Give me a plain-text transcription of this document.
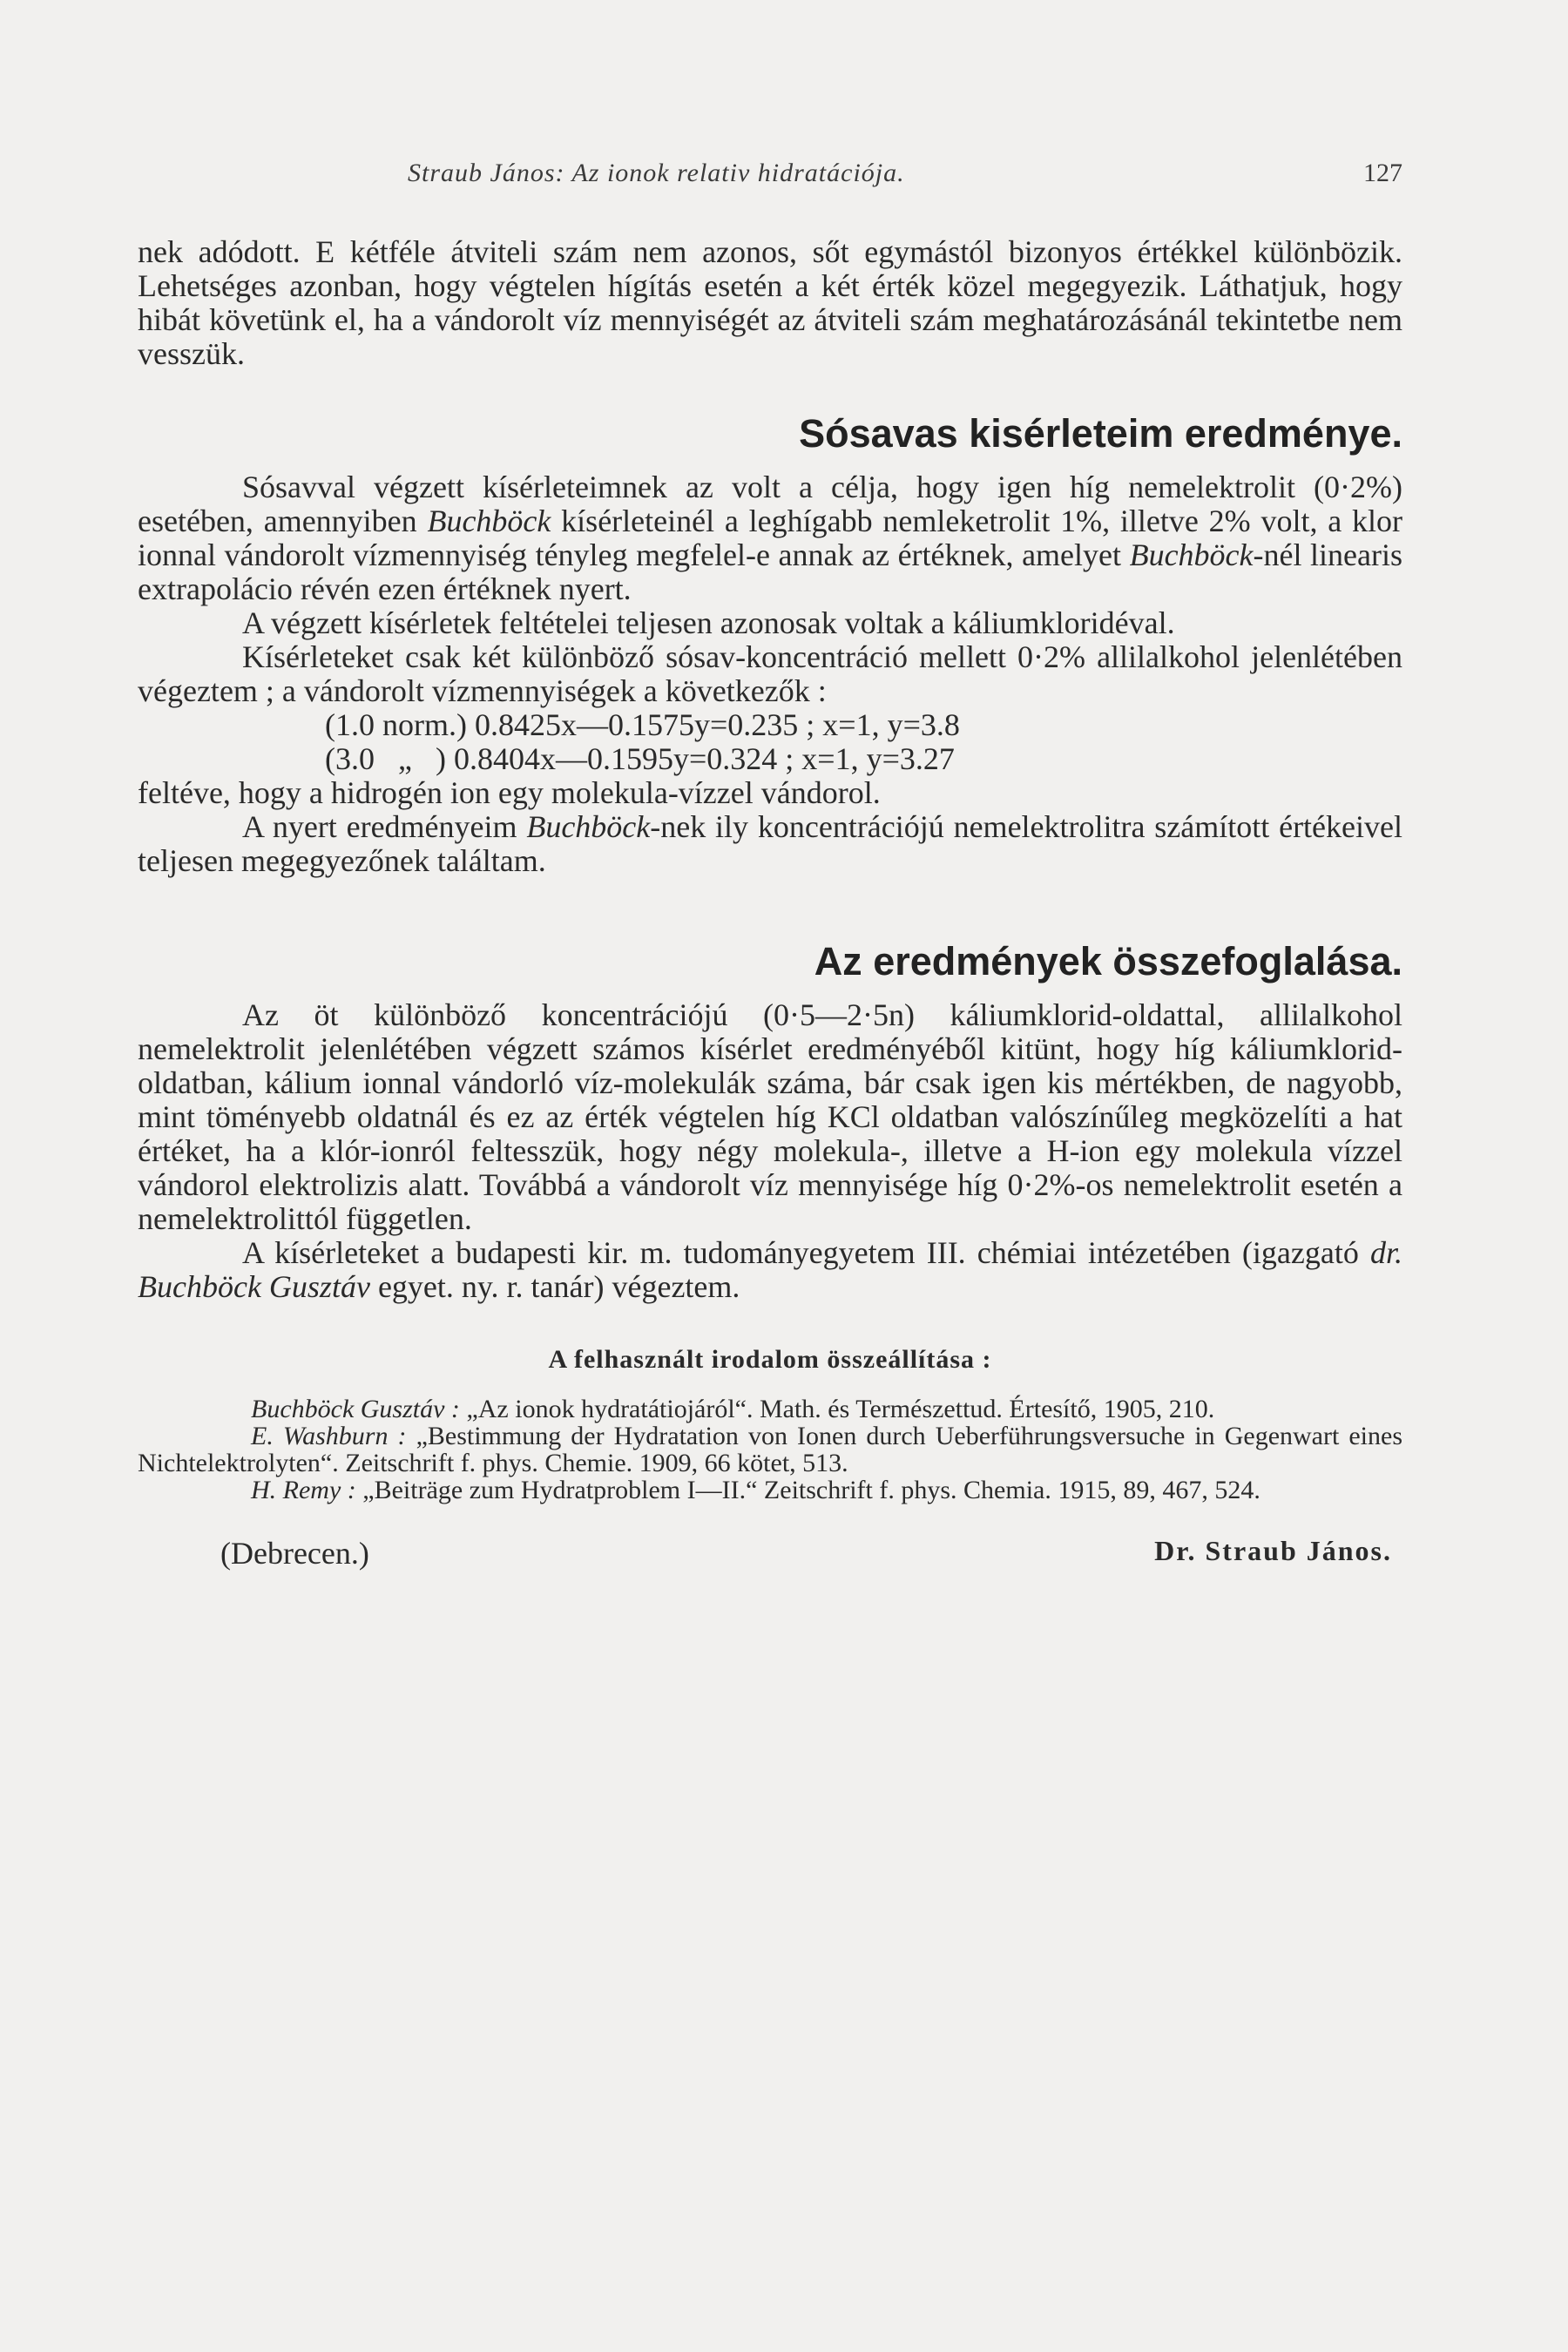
Straub János: Az ionok relativ hidratációja.	127

nek adódott. E kétféle átviteli szám nem azonos, sőt egymástól bizonyos értékkel különbözik. Lehetséges azonban, hogy végtelen hígítás esetén a két érték közel megegyezik. Láthatjuk, hogy hibát követünk el, ha a vándorolt víz mennyiségét az átviteli szám meghatározásánál tekintetbe nem vesszük.

Sósavas kisérleteim eredménye.

Sósavval végzett kísérleteimnek az volt a célja, hogy igen híg nemelektrolit (0·2%) esetében, amennyiben Buchböck kísérleteinél a leghígabb nemleketrolit 1%, illetve 2% volt, a klor ionnal vándorolt vízmennyiség tényleg megfelel-e annak az értéknek, amelyet Buchböck-nél linearis extrapolácio révén ezen értéknek nyert.

A végzett kísérletek feltételei teljesen azonosak voltak a káliumkloridéval.

Kísérleteket csak két különböző sósav-koncentráció mellett 0·2% allilalkohol jelenlétében végeztem ; a vándorolt vízmennyiségek a következők :

(1.0 norm.) 0.8425x—0.1575y=0.235 ; x=1, y=3.8
(3.0   „   ) 0.8404x—0.1595y=0.324 ; x=1, y=3.27

feltéve, hogy a hidrogén ion egy molekula-vízzel vándorol.

A nyert eredményeim Buchböck-nek ily koncentrációjú nemelektrolitra számított értékeivel teljesen megegyezőnek találtam.

Az eredmények összefoglalása.

Az öt különböző koncentrációjú (0·5—2·5n) káliumklorid-oldattal, allilalkohol nemelektrolit jelenlétében végzett számos kísérlet eredményéből kitünt, hogy híg káliumklorid-oldatban, kálium ionnal vándorló víz-molekulák száma, bár csak igen kis mértékben, de nagyobb, mint töményebb oldatnál és ez az érték végtelen híg KCl oldatban valószínűleg megközelíti a hat értéket, ha a klór-ionról feltesszük, hogy négy molekula-, illetve a H-ion egy molekula vízzel vándorol elektrolizis alatt. Továbbá a vándorolt víz mennyisége híg 0·2%-os nemelektrolit esetén a nemelektrolittól független.

A kísérleteket a budapesti kir. m. tudományegyetem III. chémiai intézetében (igazgató dr. Buchböck Gusztáv egyet. ny. r. tanár) végeztem.

A felhasznált irodalom összeállítása :

Buchböck Gusztáv : „Az ionok hydratátiojáról“. Math. és Természettud. Értesítő, 1905, 210.

E. Washburn : „Bestimmung der Hydratation von Ionen durch Ueberführungsversuche in Gegenwart eines Nichtelektrolyten“. Zeitschrift f. phys. Chemie. 1909, 66 kötet, 513.

H. Remy : „Beiträge zum Hydratproblem I—II.“ Zeitschrift f. phys. Chemia. 1915, 89, 467, 524.

(Debrecen.)	Dr. Straub János.
